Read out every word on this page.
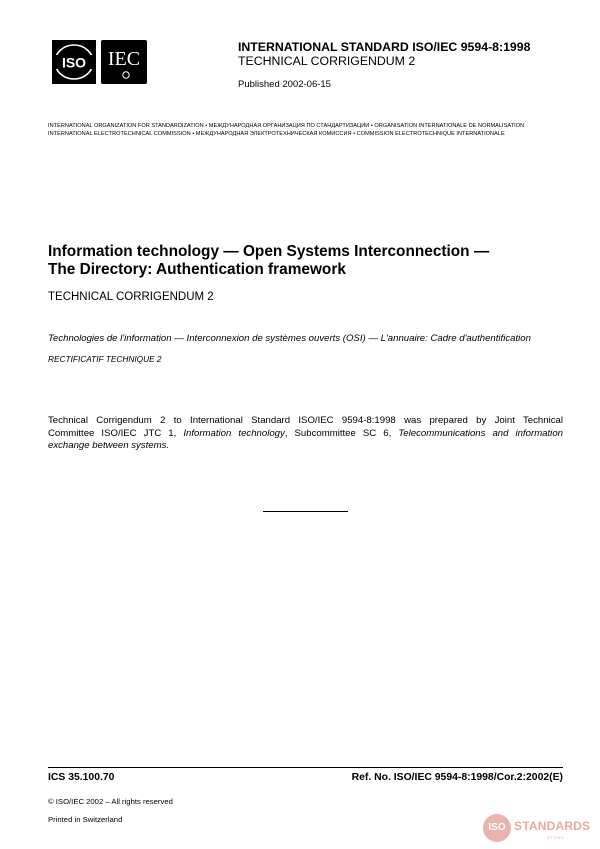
ISO	IEC
INTERNATIONAL STANDARD ISO/IEC 9594-8:1998
TECHNICAL CORRIGENDUM 2
Published 2002-06-15
INTERNATIONAL ORGANIZATION FOR STANDARDIZATION • МЕЖДУНАРОДНАЯ ОРГАНИЗАЦИЯ ПО СТАНДАРТИЗАЦИИ • ORGANISATION INTERNATIONALE DE NORMALISATION
INTERNATIONAL ELECTROTECHNICAL COMMISSION • МЕЖДУНАРОДНАЯ ЭЛЕКТРОТЕХНИЧЕСКАЯ КОМИССИЯ • COMMISSION ELECTROTECHNIQUE INTERNATIONALE
Information technology — Open Systems Interconnection —
The Directory: Authentication framework
TECHNICAL CORRIGENDUM 2
Technologies de l'information — Interconnexion de systèmes ouverts (OSI) — L'annuaire: Cadre d'authentification
RECTIFICATIF TECHNIQUE 2
Technical Corrigendum 2 to International Standard ISO/IEC 9594-8:1998 was prepared by Joint Technical
Committee ISO/IEC JTC 1, Information technology, Subcommittee SC 6, Telecommunications and information
exchange between systems.
ICS 35.100.70	Ref. No. ISO/IEC 9594-8:1998/Cor.2:2002(E)
© ISO/IEC 2002 – All rights reserved
Printed in Switzerland
ISO STANDARDS
STORE
